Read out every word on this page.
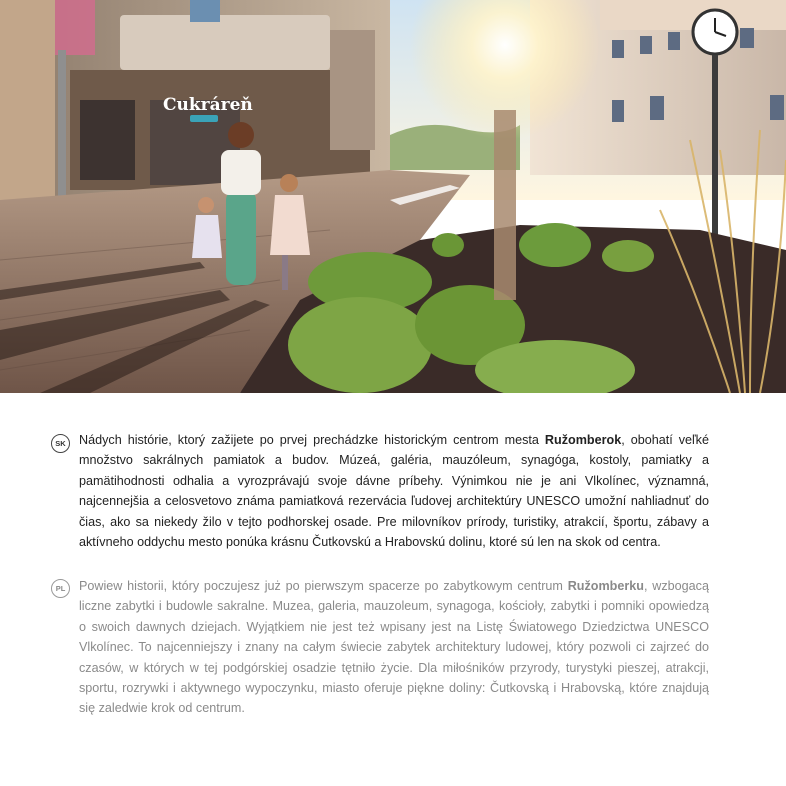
Cukráreň
SK	Nádych histórie, ktorý zažijete po prvej prechádzke historickým centrom mesta Ružomberok, obohatí veľké množstvo sakrálnych pamiatok a budov. Múzeá, galéria, mauzóleum, synagóga, kostoly, pamiatky a pamätihodnosti odhalia a vyrozprávajú svoje dávne príbehy. Výnimkou nie je ani Vlkolínec, významná, najcennejšia a celosvetovo známa pamiatková rezervácia ľudovej architektúry UNESCO umožní nahliadnuť do čias, ako sa niekedy žilo v tejto podhorskej osade. Pre milovníkov prírody, turistiky, atrakcií, športu, zábavy a aktívneho oddychu mesto ponúka krásnu Čutkovskú a Hrabovskú dolinu, ktoré sú len na skok od centra.

PL	Powiew historii, który poczujesz już po pierwszym spacerze po zabytkowym centrum Ružomberku, wzbogacą liczne zabytki i budowle sakralne. Muzea, galeria, mauzoleum, synagoga, kościoły, zabytki i pomniki opowiedzą o swoich dawnych dziejach. Wyjątkiem nie jest też wpisany jest na Listę Światowego Dziedzictwa UNESCO Vlkolínec. To najcenniejszy i znany na całym świecie zabytek architektury ludowej, który pozwoli ci zajrzeć do czasów, w których w tej podgórskiej osadzie tętniło życie. Dla miłośników przyrody, turystyki pieszej, atrakcji, sportu, rozrywki i aktywnego wypoczynku, miasto oferuje piękne doliny: Čutkovską i Hrabovską, które znajdują się zaledwie krok od centrum.
